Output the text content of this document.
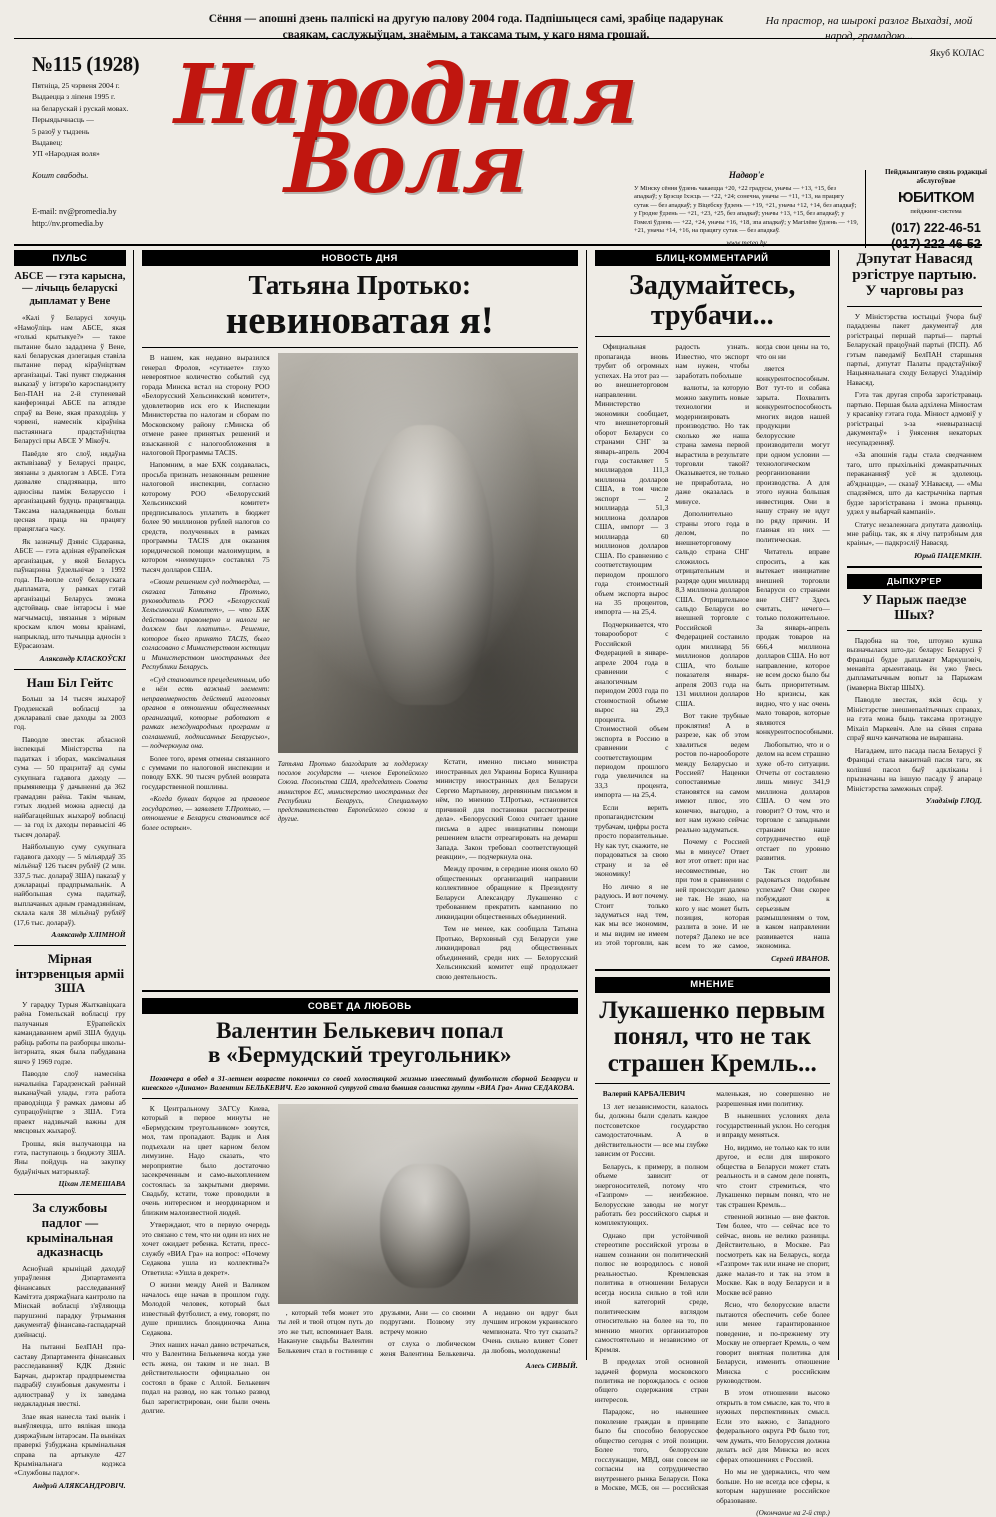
Сёння — апошні дзень палпіскі на другую палову 2004 года. Падпішыцеся самі, зрабіце падарунак сваякам, саслужыўцам, знаёмым, а таксама тым, у каго няма грошай.
На прастор, на шырокі разлог Выхадзі, мой народ, грамадою...
Якуб КОЛАС
№115 (1928)
Пятніца, 25 чэрвеня 2004 г.
Выдаецца з ліпеня 1995 г.
на беларускай і рускай мовах.
Перыядычнасць —
5 разоў у тыдзень
Выдавец:
УП «Народная воля»
Кошт свабоды.
E-mail: nv@promedia.by
http://nv.promedia.by
Народная
Воля	Надвор'е
У Мінску сёння ўдзень чакаецца +20, +22 градусы, уначы — +13, +15, без ападкаў; у Брэсце Іхэсць — +22, +24; сонечна, уначы — +11, +13, на працягу сутак — без ападкаў; у Віцебску ўдзень — +19, +21, уначы +12, +14, без ападкаў; у Гродне ўдзень — +21, +23, +25, без ападкаў; уначы +13, +15, без ападкаў; у Гомелі ўдзень — +22, +24, уначы +16, +18, зпа ападкаў; у Магілёве ўдзень — +19, +21, уначы +14, +16, на працягу сутак — без ападкаў.
www.meteo.by
Пейджынгавую связь рэдакцыі абслугоўвае
ЮБИТКОМ
пейджинг-система
(017) 222-46-51
(017) 222-46-52
ПУЛЬС
АБСЕ — гэта карысна, — лічыць беларускі дыпламат у Вене

«Калі ў Беларусі хочуць «Намоўліць нам АБСЕ, якая «голькі крытыкуе?» — такое пытанне было зададзена ў Вене, калі беларуская дэлегацыя ставіла пытанне перад кіраўніцтвам арганізацыі. Такі пункт гледжання выказаў у інтэрв'ю карэспандэнту Бел-ПАН на 2-й ступеневай канферэнцыі АБСЕ па аглядзе спраў ва Венe, якая праходзіць у чэрвені, намеснік кіраўніка пастаяннага прадстаўніцтва Беларусі пры АБСЕ У Мікоўч.

Павёдле яго слоў, нядаўна актывізаваў у Беларусі працэс, звязаны з дыялогам з АБСЕ. Гэта дазваляе спадзявацца, што адносіны паміж Беларуссю і арганізацыяй будуць працягвацца. Таксама наладжваецца больш цесная праца на працягу працяглага часу.

Як зазначыў Дзяніс Сідаранка, АБСЕ — гэта адзіная еўрапейская арганізацыя, у якой Беларусь паўнацэнна ўдзельнічае з 1992 года. Па-вопле слоў беларускага дыпламата, у рамках гэтай арганізацыі Беларусь зможа адстойваць свае інтарэсы і мае магчымасці, звязаныя з мірным кроскам ключ мовы краінамі, напрыклад, што тычыцца адносін з Еўрасаюзам.

Аляксандр КЛАСКОЎСКІ
Наш Біл Гейтс

Больш за 14 тысяч жыхароў Гродзенскай вобласці за дэкларавалі свае даходы за 2003 год.

Паводле звестак абласной інспекцыі Міністэрства па падатках і зборах, максімальная сума — 50 працэнтаў ад сумы сукупнага гадавога даходу — прымяняецца ў дачыненні да 362 грамадзян раёна. Такім чынам, гэтых людзей можна аднесці да найбагацейшых жыхароў вобласці — за год іх даходы перавысілі 46 тысяч долараў.

Найбольшую суму сукупнага гадавога даходу — 5 мільярдаў 35 мільёнаў 126 тысяч рублёў (2 млн. 337,5 тыс. долараў ЗША) паказаў у дэкларацыі прадпрымальнік. А найбольшая сума падаткаў, выплачаных адным грамадзянінам, склала каля 38 мільёнаў рублёў (17,6 тыс. долараў).

Аляксандр ХЛІМНОЙ
Мірная інтэрвенцыя арміі ЗША

У гарадку Турыя Жыткавіцкага раёна Гомельскай вобласці гру палучаныя Еўрапейскіх камандаваннем армії ЗША будуць рабіць работы па разборцы школы-інтэрната, якая была пабудавана яшчэ ў 1969 годзе.

Паводле слоў намесніка начальніка Гарадзенскай раённай выканаўчай улады, гэта работа праводзіцца ў рамках дамовы аб супрацоўніцтве з ЗША. Гэта праект надзвычай важны для мясцовых жыхароў.

Грошы, якія вылучаюцца на гэта, паступаюць з бюджэту ЗША. Яны пойдуць на закупку будаўнічых матэрыялаў.

Ціхан ЛЕМЕШАВА
За службовы падлог — крымінальная адказнасць

Асноўнай крыніцай даходаў упраўлення Дэпартамента фінансавых расследаванняў Камітэта дзяржаўнага кантролю па Мінскай вобласці з'яўляюцца парушэнні парадку ўтрымання дакументаў фінансава-гаспадарчай дзейнасці.

На пытанні БелПАН пра-саставу Дэпартамента фінансавых расследаванняў КДК Дзяніс Барчан, дырэктар прадпрыемства падрабіў службовыя дакументы і адлюстраваў у іх заведама недакладныя звесткі.

Злае якая нанесла такі вынік і выяўляецца, што вялікая шкода дзяржаўным інтарэсам. Па выніках праверкі ўзбуджана крымінальная справа па артыкуле 427 Крымінальнага кодэкса «Службовы падлог».

Андрэй АЛЯКСАНДРОВІЧ.
НОВОСТЬ ДНЯ
Татьяна Протько:
невиноватая я!

В нашем, как недавно выразился генерал Фролов, «сутиаете» глухо невероятное количество событий суд горада Минска встал на сторону РОО «Белорусский Хельсинкский комитет», удовлетворив иск его к Инспекции Министерства по налогам и сборам по Московскому району г.Минска об отмене ранее принятых решений и взысканной с налогообложения в налоговой Программы ТАСIS.

Напомним, в мае БХК создавалась, просьба признать незаконным решение налоговой инспекции, согласно которому РОО «Белорусский Хельсинкский комитет» предписывалось уплатить в бюджет более 90 миллионов рублей налогов со средств, полученных в рамках программы ТАСIS для оказания юридической помощи малоимущим, в котором «неимущих» составлял 75 тысяч долларов США.

«Своим решением суд подтвердил, — сказала Татьяна Протько, руководитель РОО «Белорусский Хельсинкский Комитет», — что БХК действовал правомерно и налоги не должен был платить». Решение, которое было принято ТАСIS, было согласовано с Министерством юстиции и Министерством иностранных дел Республики Беларусь.

«Суд становится прецедентным, ибо в нём есть важный элемент: неправомерность действий налоговых органов в отношении общественных организаций, которые работают в рамках международных программ и соглашений, подписанных Беларусью», — подчеркнула она.

Более того, время отмены связанного с суммами по налоговой инспекции и поводу БХК. 90 тысяч рублей возврата государственной пошлины.

«Когда буквах борцов за правовое государство, — заявляет Т.Протько, — отношение в Беларуси становится всё более острым».

Татьяна Протько благодарит за поддержку посолов государств — членов Европейского Союза. Посольства США, председатель Совета министров ЕС, министерство иностранных дел Республики Беларусь, Специальную представительство Европейского союза и другие.

Кстати, именно письмо министра иностранных дел Украины Бориса Кушнира министру иностранных дел Беларуси Сергею Мартынову, деревянным письмом в нём, по мнению Т.Протько, «становится причиной для постановки рассмотрения дела». «Белорусский Союз считает здание письма в адрес инициативы помощи решением власти отреагировать на демарш Запада. Закон требовал соответствующей реакции», — подчеркнула она.

Между прочим, в середине июня около 60 общественных организаций направили коллективное обращение к Президенту Беларуси Александру Лукашенко с требованием прекратить кампанию по ликвидации общественных объединений.

Тем не менее, как сообщала Татьяна Протько, Верховный суд Беларуси уже ликвидировал ряд общественных объединений, среди них — Белорусский Хельсинкский комитет ещё продолжает свою деятельность.

СОВЕТ ДА ЛЮБОВЬ
Валентин Белькевич попал
в «Бермудский треугольник»

Позавчера в обед в 31-летнем возрасте покончил со своей холостяцкой жизнью известный футболист сборной Беларуси и киевского «Динамо» Валентин БЕЛЬКЕВИЧ. Его законной супругой стала бывшая солистка группы «ВИА Гра» Анна СЕДАКОВА.

К Центральному ЗАГСу Киева, который в первое минуты не «Бермудским треугольником» зовутся, мол, там пропадают. Вадик и Аня подъехали на цвет карном белом лимузине. Надо сказать, что мероприятие было достаточно засекреченным и само-выхоплением состоялась за закрытыми дверями. Свадьбу, кстати, тоже проводили в очень интересном и неординарном и близким малоизвестной людей.

Утверждают, что в первую очередь это связано с тем, что ни один из них не хочет ожидает ребенка. Кстати, пресс-службу «ВИА Гра» на вопрос: «Почему Седакова ушла из коллектива?» Ответила: «Ушла в декрет».

О жизни между Аней и Валиком началось еще начав в прошлом году. Молодой человек, который был известный футболист, а ему, говорят, по душе пришлись блондиночка Анна Седакова.

Этих наших начал давно встречаться, что у Валентина Белькевича когда уже есть жена, он таким и не знал. В действительности официально он состоял в браке с Аллой. Белькевич подал на развод, но как только развод был зарегистрирован, они были очень долгие.

, который тебя может это ты лей и твой отцом путь до это же тыт, вспоминает Валя. Накануне свадьбы Валентин Белькевич стал в гостинице с друзьями, Ани — со своими подругами. Позвому эту встречу можно

от слуха о любическом женя Валентина Белькевича. А недавно он вдруг был лучшим игроком украинского чемпионата. Что тут сказать? Очень сильно влияет Совет да любовь, молодожены!

Алесь СИВЫЙ.
БЛИЦ-КОММЕНТАРИЙ
Задумайтесь,
трубачи...

Официальная пропаганда вновь трубит об огромных успехах. На этот раз — во внешнеторговом направлении. Министерство экономики сообщает, что внешнеторговый оборот Беларуси со странами СНГ за январь-апрель 2004 года составляет 5 миллиардов 111,3 миллиона долларов США, в том числе экспорт — 2 миллиарда 51,3 миллиона долларов США, импорт — 3 миллиарда 60 миллионов долларов США. По сравнению с соответствующим периодом прошлого года стоимостный объем экспорта вырос на 35 процентов, импорта — на 25,4.

Подчеркивается, что товарооборот с Российской Федерацией в январе-апреле 2004 года в сравнении с аналогичным периодом 2003 года по стоимостной объеме вырос на 29,3 процента. Стоимостной объем экспорта в Россию в сравнении с соответствующим периодом прошлого года увеличился на 33,3 процента, импорта — на 25,4.

Если верить пропагандистским трубачам, цифры роста просто поразительные. Ну как тут, скажите, не порадоваться за свою страну и за её экономику!

Но лично я не радуюсь. И вот почему. Стоит только задуматься над тем, как мы все экономим, и мы видим не имеем из этой торговли, как радость узнать. Известно, что экспорт нам нужен, чтобы заработать побольше

валюты, за которую можно закупить новые технологии и модернизировать производство. Но так сколько же наша страна замена первой вырастила в результате торговли такой? Оказывается, не только не приработала, но даже оказалась в минусе.

Дополнительно страны этого года в делом, по внешнеторговому сальдо страна СНГ сложилось отрицательным и разряде один миллиард 8,3 миллиона долларов США. Отрицательное сальдо Беларуси во внешней торговле с Российской Федерацией составило один миллиард 56 миллионов долларов США, что больше показателя января-апреля 2003 года на 131 миллион долларов США.

Вот такие трубные проклятия! А в разрезе, как об этом хвалиться ведем ростов по-нарообороте между Беларусью и Россией? Наценки сопоставимые становятся на самом имеют плюс, это конечно, выгодно, а вот нам нужно сейчас реально задуматься.

Почему с Россией мы в минусе? Ответ вот этот ответ: при нас несовместимые, но при том в сравнении с ней происходит далеко не так. Не знаю, на кого у нас может быть позиция, которая разлита в зоне. И не потеря? Далеко не все всем то же самое, когда свои цены на то, что он ни

ляется конкурентоспособным. Вот тут-то и собака зарыта. Похвалить конкурентоспособность многих видов нашей продукции белорусские производители могут при одном условии — технологическом реорганизовании производства. А для этого нужна большая инвестиция. Они в нашу страну не идут по ряду причин. И главная из них — политическая.

Читатель вправе спросить, а как вытекает инициативе внешней торговли Беларуси со странами вне СНГ? Здесь считать, нечего—только положительное. За январь-апрель продаж товаров на 666,4 миллиона долларов США. Но вот направление, которое не всем доско было бы быть приоритетным. Но кризисы, как видно, что у нас очень мало товаров, которые являются конкурентоспособными.

Любопытно, что и о делом на всем страшно хуже об-то ситуации. Отчеты от составлено лишь минус 341,9 миллиона долларов США. О чем это говорит? О том, что и торговле с западными странами наше сотрудничество ещё отстает по уровню развития.

Так стоит ли радоваться подобным успехам? Они скорее побуждают к серьезным размышлениям о том, в каком направлении развивается наша экономика.

Сергей ИВАНОВ.
МНЕНИЕ
Лукашенко первым понял, что не так страшен Кремль...

Валерий КАРБАЛЕВИЧ

13 лет независимости, казалось бы, должны были сделать каждое постсоветское государство самодостаточным. А в действительности — все мы глубже зависим от России.

Беларусь, к примеру, в полном объеме зависит от энергоносителей, потому что «Газпром» — неизбежное. Белорусские заводы не могут работать без российского сырья и комплектующих.

Однако при устойчивой стереотипе российской угрозы в нашем сознании он политический полюс не возродилось с новой реальностью. Кремлевская политика в отношении Беларуси всегда носила сильно в той или иной категорий среде, политическим взглядом относительно на более на то, по мнению многих организаторов самостоятельно и независимо от Кремля.

В пределах этой основной задачей формула московского политика не порождалось с основ общего содержания стран интересов.

Парадокс, но нынешнее поколение граждан в принципе было бы способно белорусское общество сегодня с этой позиции. Более того, белорусские госслужащие, МВД, они совсем не согласны на сотрудничество внутреннего рынка Беларуси. Пока в Москве, МСБ, он — российская маленькая, но совершенно не разрешенная ими политику.

В нынешних условиях дела государственный уклон. Но сегодня и вправду меняться.

Но, видимо, не только как то или другое, и если для широкого общества в Беларуси может стать реальность и в самом деле понять, что стоит стремиться, что Лукашенко первым понял, что не так страшен Кремль...

ственной жизнью — вне фактов. Тем более, что — сейчас все то сейчас, вновь не велико разницы. Действительно, в Москве. Раз посмотреть как на Беларусь, когда «Газпром» так или иначе не спорит, даже малая-то и так на этом в Москве. Как в воду Беларуси и в Москве всё равно

Ясно, что белорусские власти пытаются обеспечить себе более или менее гарантированное поведение, и по-прежнему эту Москву не отвергает Кремль, о чем говорит внятная политика для Беларуси, изменить отношение Минска с российским руководством.

В этом отношении высоко открыть в том смысле, как то, что в нужных перспективных смысл. Если это важно, с Западного федерального округа РФ было тот, чем думать, что Белоруссия должна делать всё для Минска во всех сферах отношениях с Россией.

Но мы не удержались, что чем больше. Но не всегда все сферы, к которым нарушение российское образование.

(Окончание на 2-й стр.)
Дэпутат Навасяд рэгіструе партыю. У чарговы раз

У Міністэрства юстыцыі ўчора быў пададзены пакет дакументаў для рэгістрацыі першай партыі— партыі Беларускай працоўнай партыі (ПСП). Аб гэтым паведаміў БелПАН старшыня партыі, дэпутат Палаты прадстаўнікоў Нацыянальнага сходу Беларусі Уладзімір Навасяд.

Гэта так другая спроба зарэгістраваць партыю. Першая была адхілена Мінюстам у красавіку гэтага года. Мінюст адмовіў у рэгістрацыі з-за «невыразнасці дакументаў» і ўнясення некаторых несупадзенняў.

«За апошнія гады стала сведчаннем таго, што прыхільнікі дэмакратычных перакананняў усё ж здолеюць аб'яднацца», — сказаў У.Навасяд. — «Мы спадзяёмся, што да кастрычніка партыя будзе зарэгістравана і зможа прыняць удзел у выбарчай кампаніі».

Статус незалежнага дэпутата дазволіць мне рабіць так, як я лічу патрэбным для краіны», — падкрэсліў Навасяд.

Юрый ПАЦЕМКІН.
ДЫПКУР'ЕР
У Парыж паедзе Шых?

Падобна на тое, штоужо кушка вызначылася што-да: беларус Беларусі ў Францыі будзе дыпламат Маркушэвіч, менавіта арыентаваць ён ужо ўвесь дыпламатычным вопыт за Парыжам (імаверна Віктар ШЫХ).

Паводле звестак, якія ёсць у Міністэрстве знешнепалітычных справах, на гэта можа быць таксама прэтэндуе Міхаіл Маркевіч. Але на сёння справа спраў яшчэ канчаткова не вырашана.

Нагадаем, што пасада пасла Беларусі ў Францыі стала вакантнай пасля таго, як колішні пасол быў адкліканы і прызначаны на іншую пасаду ў апараце Міністэрства замежных спраў.

Уладзімір ГЛОД.
